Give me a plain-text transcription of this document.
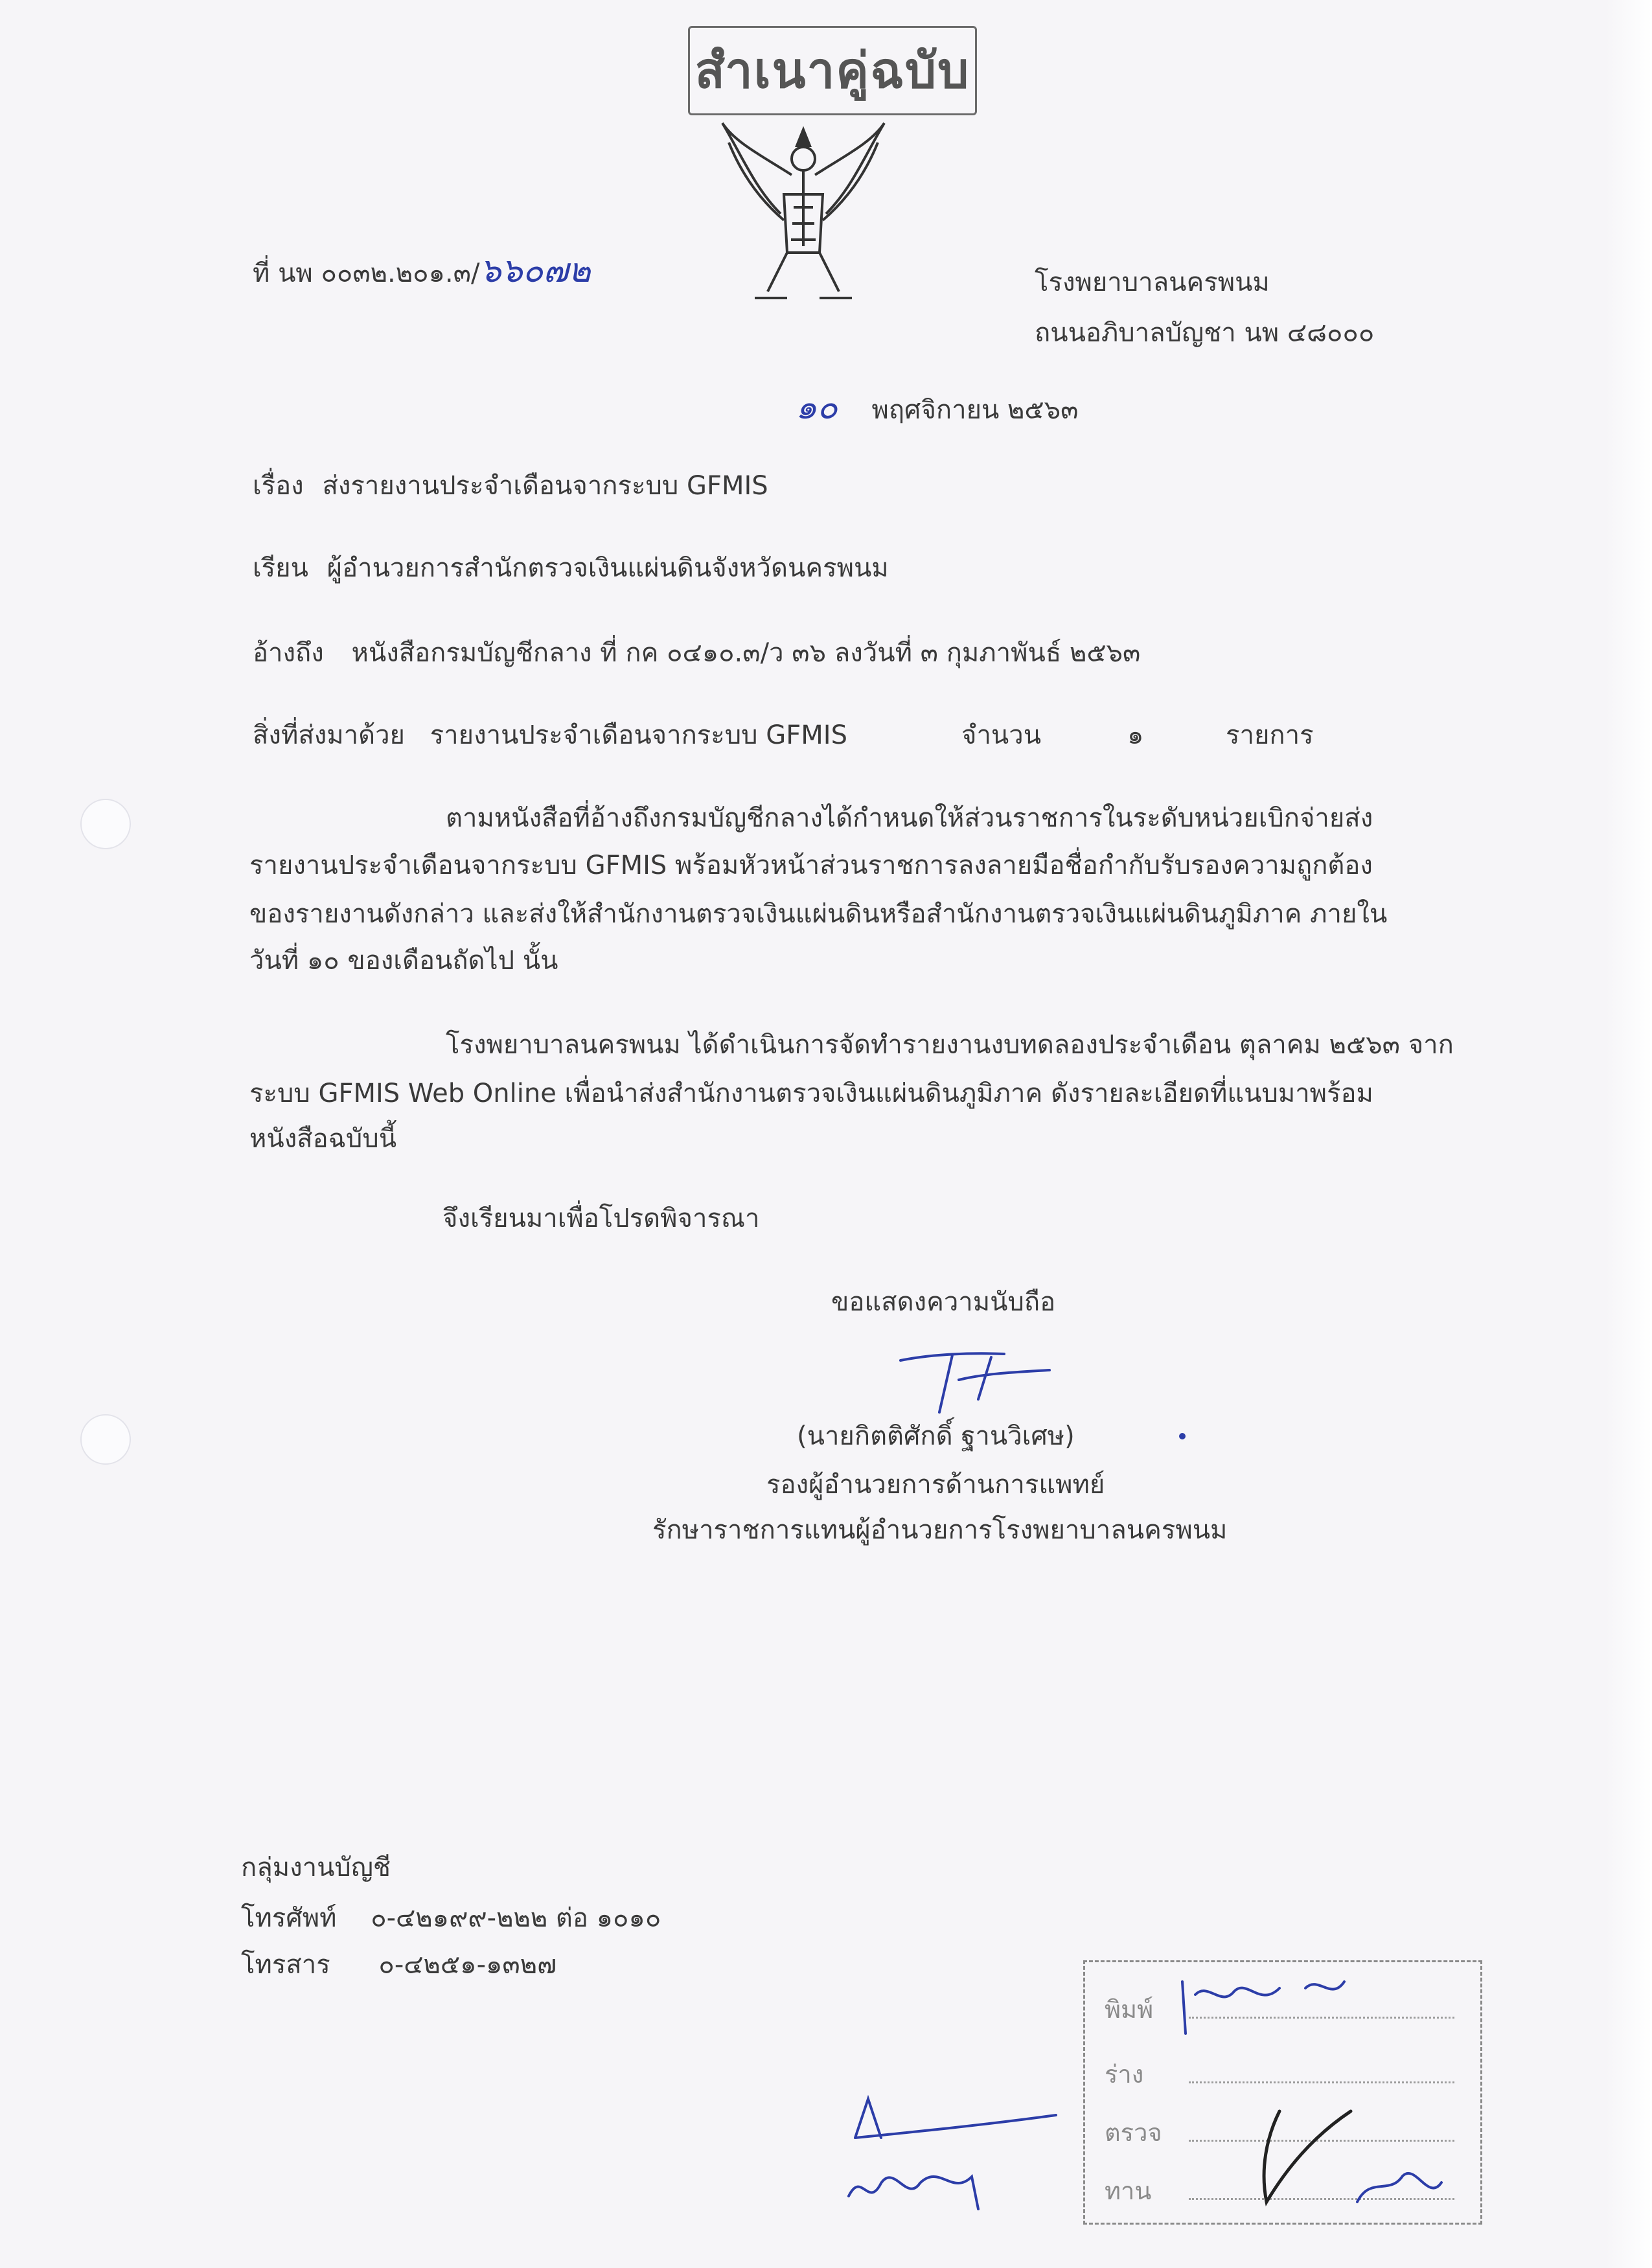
สำเนาคู่ฉบับ
ที่ นพ ๐๐๓๒.๒๐๑.๓/๖๖๐๗๒	โรงพยาบาลนครพนม
ถนนอภิบาลบัญชา นพ ๔๘๐๐๐
๑๐ พฤศจิกายน ๒๕๖๓
เรื่อง ส่งรายงานประจำเดือนจากระบบ GFMIS
เรียน ผู้อำนวยการสำนักตรวจเงินแผ่นดินจังหวัดนครพนม
อ้างถึง หนังสือกรมบัญชีกลาง ที่ กค ๐๔๑๐.๓/ว ๓๖ ลงวันที่ ๓ กุมภาพันธ์ ๒๕๖๓
สิ่งที่ส่งมาด้วย รายงานประจำเดือนจากระบบ GFMIS	จำนวน	๑	รายการ
ตามหนังสือที่อ้างถึงกรมบัญชีกลางได้กำหนดให้ส่วนราชการในระดับหน่วยเบิกจ่ายส่ง
รายงานประจำเดือนจากระบบ GFMIS พร้อมหัวหน้าส่วนราชการลงลายมือชื่อกำกับรับรองความถูกต้อง
ของรายงานดังกล่าว และส่งให้สำนักงานตรวจเงินแผ่นดินหรือสำนักงานตรวจเงินแผ่นดินภูมิภาค ภายใน
วันที่ ๑๐ ของเดือนถัดไป นั้น
โรงพยาบาลนครพนม ได้ดำเนินการจัดทำรายงานงบทดลองประจำเดือน ตุลาคม ๒๕๖๓ จาก
ระบบ GFMIS Web Online เพื่อนำส่งสำนักงานตรวจเงินแผ่นดินภูมิภาค ดังรายละเอียดที่แนบมาพร้อม
หนังสือฉบับนี้
จึงเรียนมาเพื่อโปรดพิจารณา
ขอแสดงความนับถือ
(นายกิตติศักดิ์ ฐานวิเศษ)
รองผู้อำนวยการด้านการแพทย์
รักษาราชการแทนผู้อำนวยการโรงพยาบาลนครพนม
กลุ่มงานบัญชี
โทรศัพท์ ๐-๔๒๑๙๙-๒๒๒ ต่อ ๑๐๑๐
โทรสาร ๐-๔๒๕๑-๑๓๒๗
พิมพ์
ร่าง
ตรวจ
ทาน
